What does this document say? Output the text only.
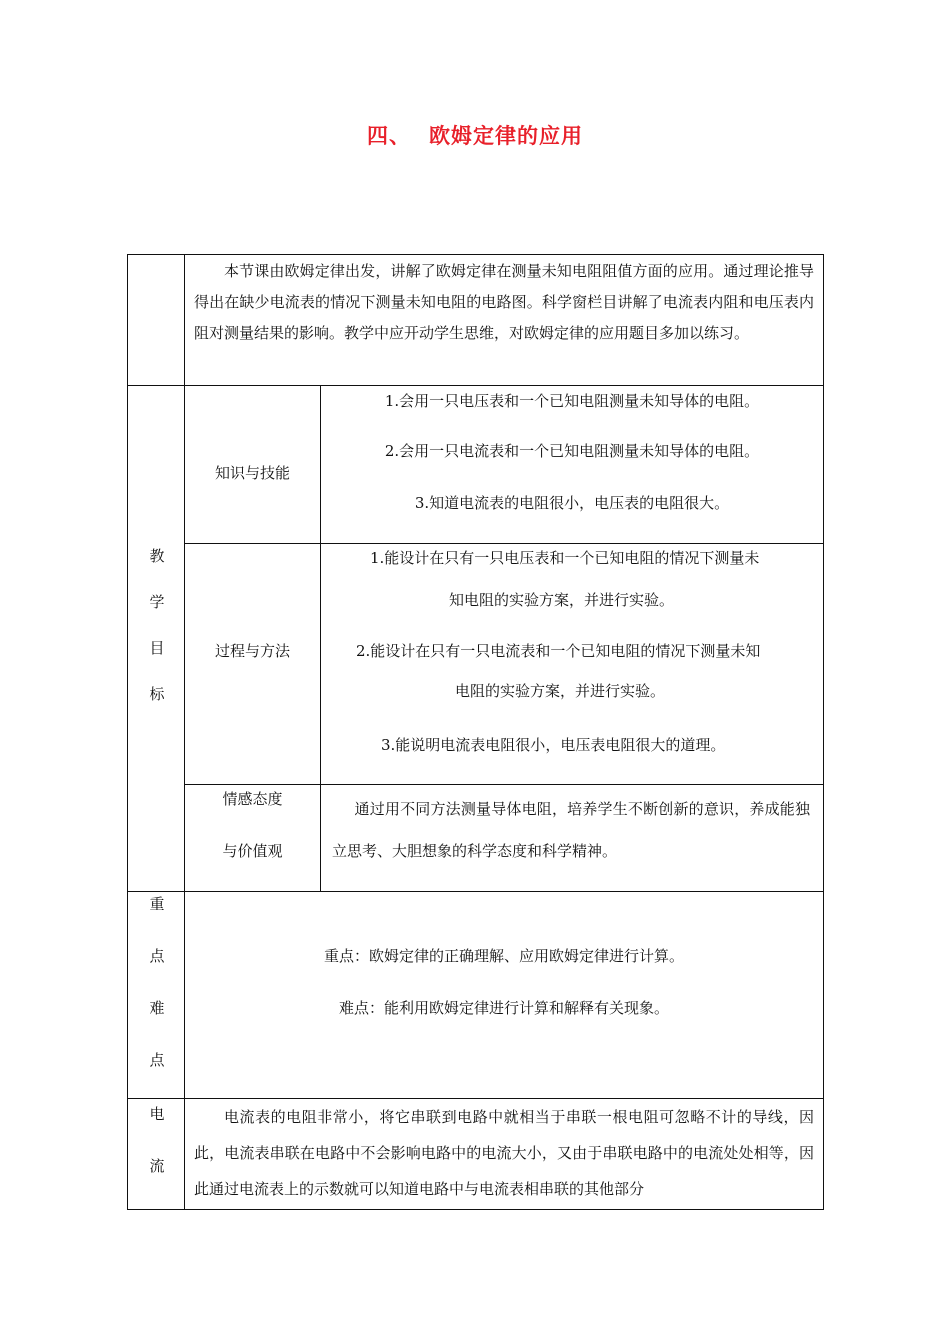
四、 欧姆定律的应用
本节课由欧姆定律出发，讲解了欧姆定律在测量未知电阻阻值方面的应用。通过理论推导得出在缺少电流表的情况下测量未知电阻的电路图。科学窗栏目讲解了电流表内阻和电压表内阻对测量结果的影响。教学中应开动学生思维，对欧姆定律的应用题目多加以练习。
教
学
目
标
知识与技能
1.会用一只电压表和一个已知电阻测量未知导体的电阻。
2.会用一只电流表和一个已知电阻测量未知导体的电阻。
3.知道电流表的电阻很小，电压表的电阻很大。
过程与方法
1.能设计在只有一只电压表和一个已知电阻的情况下测量未
知电阻的实验方案，并进行实验。
2.能设计在只有一只电流表和一个已知电阻的情况下测量未知
电阻的实验方案，并进行实验。
3.能说明电流表电阻很小，电压表电阻很大的道理。
情感态度
与价值观
通过用不同方法测量导体电阻，培养学生不断创新的意识，养成能独立思考、大胆想象的科学态度和科学精神。
重
点
难
点
重点：欧姆定律的正确理解、应用欧姆定律进行计算。
难点：能利用欧姆定律进行计算和解释有关现象。
电
流
电流表的电阻非常小，将它串联到电路中就相当于串联一根电阻可忽略不计的导线，因此，电流表串联在电路中不会影响电路中的电流大小，又由于串联电路中的电流处处相等，因此通过电流表上的示数就可以知道电路中与电流表相串联的其他部分
